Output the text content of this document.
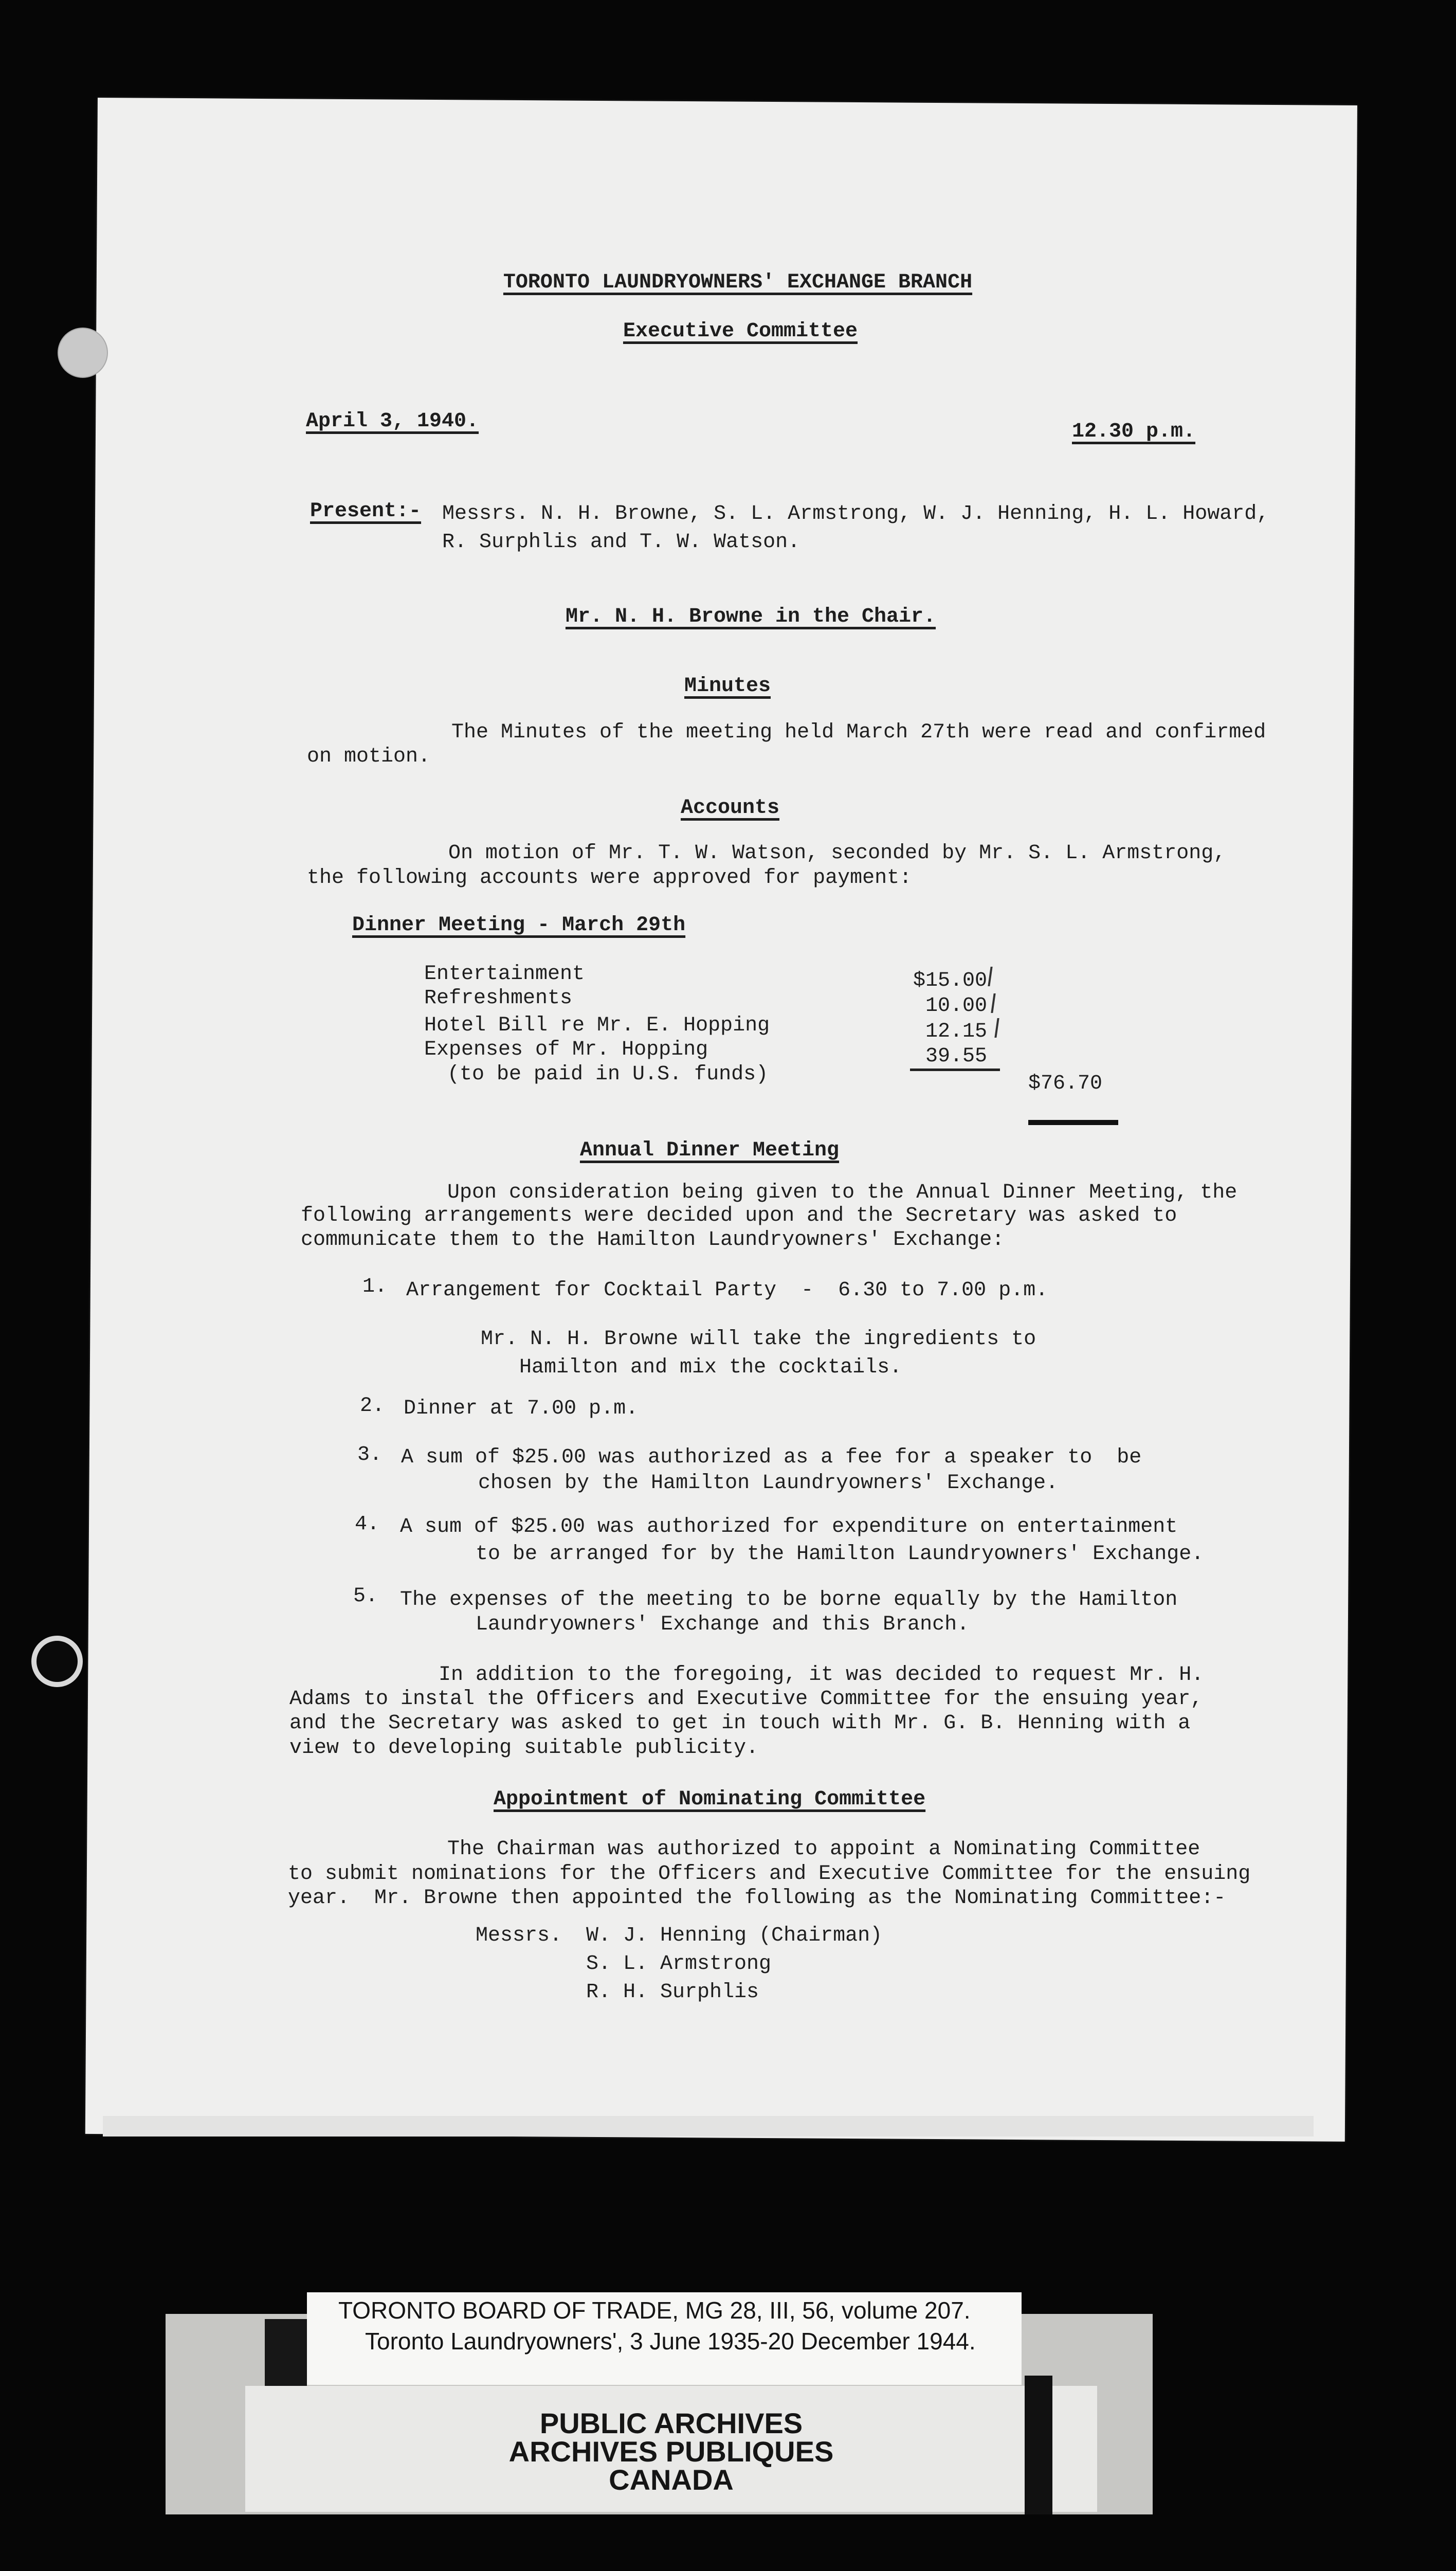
TORONTO LAUNDRYOWNERS' EXCHANGE BRANCH
Executive Committee
April 3, 1940.	12.30 p.m.
Present:- Messrs. N. H. Browne, S. L. Armstrong, W. J. Henning, H. L. Howard,
R. Surphlis and T. W. Watson.
Mr. N. H. Browne in the Chair.
Minutes
The Minutes of the meeting held March 27th were read and confirmed
on motion.
Accounts
On motion of Mr. T. W. Watson, seconded by Mr. S. L. Armstrong,
the following accounts were approved for payment:
Dinner Meeting - March 29th
Entertainment	$15.00
Refreshments	10.00
Hotel Bill re Mr. E. Hopping	12.15
Expenses of Mr. Hopping	39.55
(to be paid in U.S. funds)	$76.70
Annual Dinner Meeting
Upon consideration being given to the Annual Dinner Meeting, the
following arrangements were decided upon and the Secretary was asked to
communicate them to the Hamilton Laundryowners' Exchange:
1. Arrangement for Cocktail Party  -  6.30 to 7.00 p.m.
Mr. N. H. Browne will take the ingredients to
Hamilton and mix the cocktails.
2. Dinner at 7.00 p.m.
3. A sum of $25.00 was authorized as a fee for a speaker to  be
chosen by the Hamilton Laundryowners' Exchange.
4. A sum of $25.00 was authorized for expenditure on entertainment
to be arranged for by the Hamilton Laundryowners' Exchange.
5. The expenses of the meeting to be borne equally by the Hamilton
Laundryowners' Exchange and this Branch.
In addition to the foregoing, it was decided to request Mr. H.
Adams to instal the Officers and Executive Committee for the ensuing year,
and the Secretary was asked to get in touch with Mr. G. B. Henning with a
view to developing suitable publicity.
Appointment of Nominating Committee
The Chairman was authorized to appoint a Nominating Committee
to submit nominations for the Officers and Executive Committee for the ensuing
year.  Mr. Browne then appointed the following as the Nominating Committee:-
Messrs. W. J. Henning (Chairman)
S. L. Armstrong
R. H. Surphlis
TORONTO BOARD OF TRADE, MG 28, III, 56, volume 207.
Toronto Laundryowners', 3 June 1935-20 December 1944.
PUBLIC ARCHIVES
ARCHIVES PUBLIQUES
CANADA
